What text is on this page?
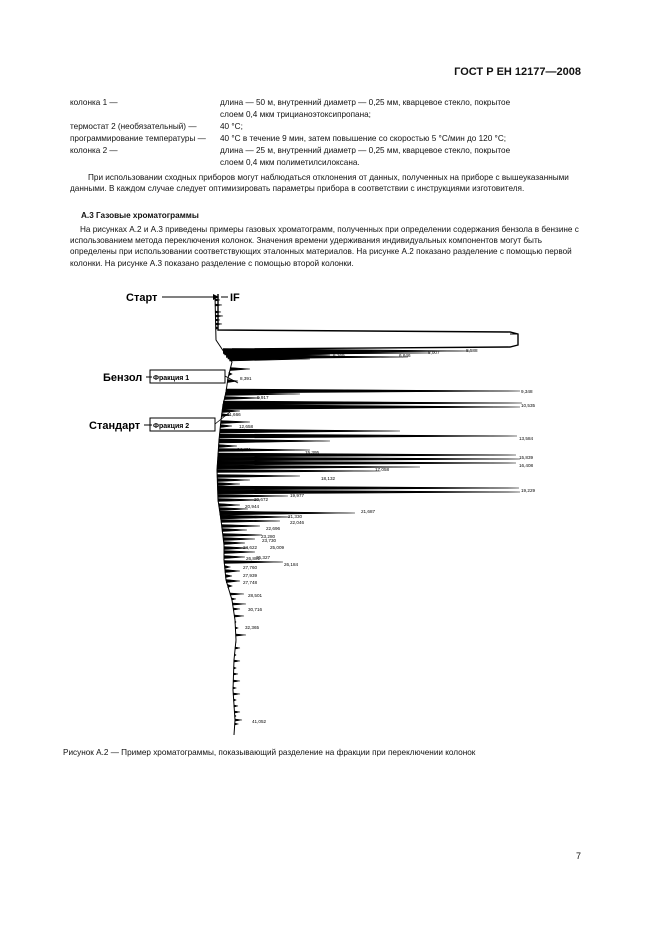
ГОСТ Р ЕН 12177—2008
колонка 1 —	длина — 50 м, внутренний диаметр — 0,25 мм, кварцевое стекло, покрытое
слоем 0,4 мкм трицианоэтоксипропана;
термостат 2 (необязательный) —	40 °С;
программирование температуры — 40 °С в течение 9 мин, затем повышение со скоростью 5 °С/мин до 120 °С;
колонка 2 —	длина — 25 м, внутренний диаметр — 0,25 мм, кварцевое стекло, покрытое
слоем 0,4 мкм полиметилсилоксана.
При использовании сходных приборов могут наблюдаться отклонения от данных, полученных на приборе с вышеуказанными данными. В каждом случае следует оптимизировать параметры прибора в соответствии с инструкциями изготовителя.
А.3 Газовые хроматограммы
На рисунках А.2 и А.3 приведены примеры газовых хроматограмм, полученных при определении содержания бензола в бензине с использованием метода переключения колонок. Значения времени удерживания индивидуальных компонентов могут быть определены при использовании соответствующих эталонных материалов. На рисунке А.2 показано разделение с помощью первой колонки. На рисунке А.3 показано разделение с помощью второй колонки.
Старт	IF
Бензол Фракция 1
Стандарт Фракция 2
5,465	6,169	6,646
8,007	8,588
8,391
9,348
9,917
10,535
11,666
12,658
13,584
14,491
15,395
15,839
16,408
17,058
18,132
19,229
19,977
20,672
20,944
21,687
21,330
22,046
22,696
23,280
23,730
24,622	25,009
25,327
26,184
26,801
27,760
27,939
27,748
28,501
30,716
32,365
41,052
Рисунок А.2 — Пример хроматограммы, показывающий разделение на фракции при переключении колонок
7
